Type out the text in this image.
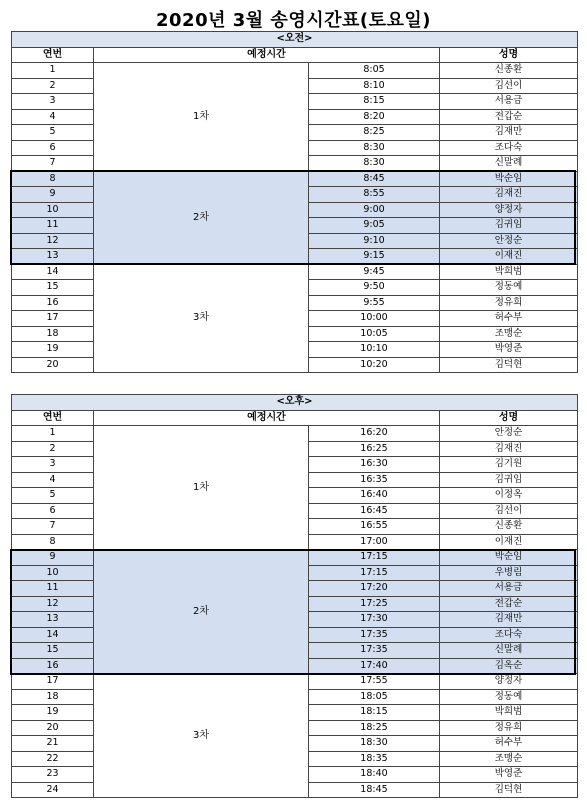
2020년 3월 송영시간표(토요일)
<오전>				
연번	예정시간		성명	
1	1차	8:05	신종환	
2		8:10	김선이	
3		8:15	서용금	
4		8:20	전갑순	
5		8:25	김재만	
6		8:30	조다숙	
7		8:30	신말례	
8	2차	8:45	박순임	
9		8:55	김재진	
10		9:00	양정자	
11		9:05	김귀임	
12		9:10	안정순	
13		9:15	이재진	
14	3차	9:45	박희범	
15		9:50	정동예	
16		9:55	정유희	
17		10:00	허수부	
18		10:05	조맹순	
19		10:10	박영준	
20		10:20	김덕현	
<오후>				
연번	예정시간		성명	
1	1차	16:20	안정순	
2		16:25	김재진	
3		16:30	김기원	
4		16:35	김귀임	
5		16:40	이정옥	
6		16:45	김선이	
7		16:55	신종환	
8		17:00	이재진	
9	2차	17:15	박순임	
10		17:15	우병림	
11		17:20	서용금	
12		17:25	전갑순	
13		17:30	김재만	
14		17:35	조다숙	
15		17:35	신말례	
16		17:40	김옥순	
17	3차	17:55	양정자	
18		18:05	정동예	
19		18:15	박희범	
20		18:25	정유희	
21		18:30	허수부	
22		18:35	조맹순	
23		18:40	박영준	
24		18:45	김덕현	
